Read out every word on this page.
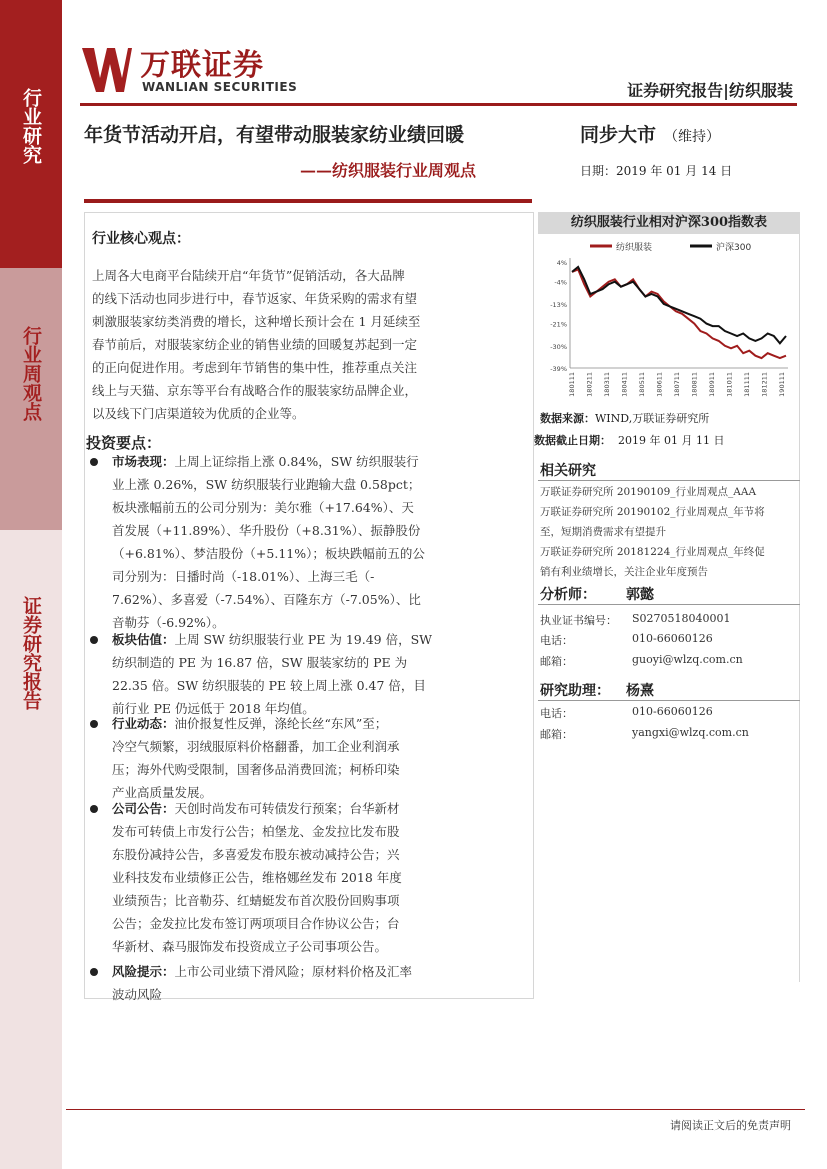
行业研究
行业周观点
证券研究报告
万联证券
WANLIAN SECURITIES	证券研究报告|纺织服装
年货节活动开启，有望带动服装家纺业绩回暖
——纺织服装行业周观点
同步大市 （维持）
日期：2019 年 01 月 14 日
行业核心观点：
上周各大电商平台陆续开启“年货节”促销活动，各大品牌
的线下活动也同步进行中，春节返家、年货采购的需求有望
刺激服装家纺类消费的增长，这种增长预计会在 1 月延续至
春节前后，对服装家纺企业的销售业绩的回暖复苏起到一定
的正向促进作用。考虑到年节销售的集中性，推荐重点关注
线上与天猫、京东等平台有战略合作的服装家纺品牌企业，
以及线下门店渠道较为优质的企业等。
投资要点：
市场表现：上周上证综指上涨 0.84%，SW 纺织服装行
业上涨 0.26%，SW 纺织服装行业跑输大盘 0.58pct；
板块涨幅前五的公司分别为：美尔雅（+17.64%）、天
首发展（+11.89%）、华升股份（+8.31%）、振静股份
（+6.81%）、梦洁股份（+5.11%）；板块跌幅前五的公
司分别为：日播时尚（-18.01%）、上海三毛（-
7.62%）、多喜爱（-7.54%）、百隆东方（-7.05%）、比
音勒芬（-6.92%）。
板块估值：上周 SW 纺织服装行业 PE 为 19.49 倍，SW
纺织制造的 PE 为 16.87 倍，SW 服装家纺的 PE 为
22.35 倍。SW 纺织服装的 PE 较上周上涨 0.47 倍，目
前行业 PE 仍远低于 2018 年均值。
行业动态：油价报复性反弹，涤纶长丝“东风”至；
冷空气频繁，羽绒服原料价格翻番，加工企业利润承
压；海外代购受限制，国奢侈品消费回流；柯桥印染
产业高质量发展。
公司公告：天创时尚发布可转债发行预案；台华新材
发布可转债上市发行公告；柏堡龙、金发拉比发布股
东股份减持公告，多喜爱发布股东被动减持公告；兴
业科技发布业绩修正公告，维格娜丝发布 2018 年度
业绩预告；比音勒芬、红蜻蜓发布首次股份回购事项
公告；金发拉比发布签订两项项目合作协议公告；台
华新材、森马服饰发布投资成立子公司事项公告。
风险提示：上市公司业绩下滑风险；原材料价格及汇率
波动风险
纺织服装行业相对沪深300指数表
纺织服装	沪深300
4%
-4%
-13%
-21%
-30%
-39%
180111 180211 180311 180411 180511 180611 180711 180811 180911 181011 181111 181211 190111
数据来源：WIND,万联证券研究所
数据截止日期： 2019 年 01 月 11 日
相关研究
万联证券研究所 20190109_行业周观点_AAA
万联证券研究所 20190102_行业周观点_年节将
至，短期消费需求有望提升
万联证券研究所 20181224_行业周观点_年终促
销有利业绩增长，关注企业年度预告
分析师： 郭懿
执业证书编号： S0270518040001
电话：	010-66060126
邮箱：	guoyi@wlzq.com.cn
研究助理： 杨熹
电话：	010-66060126
邮箱：	yangxi@wlzq.com.cn
请阅读正文后的免责声明
